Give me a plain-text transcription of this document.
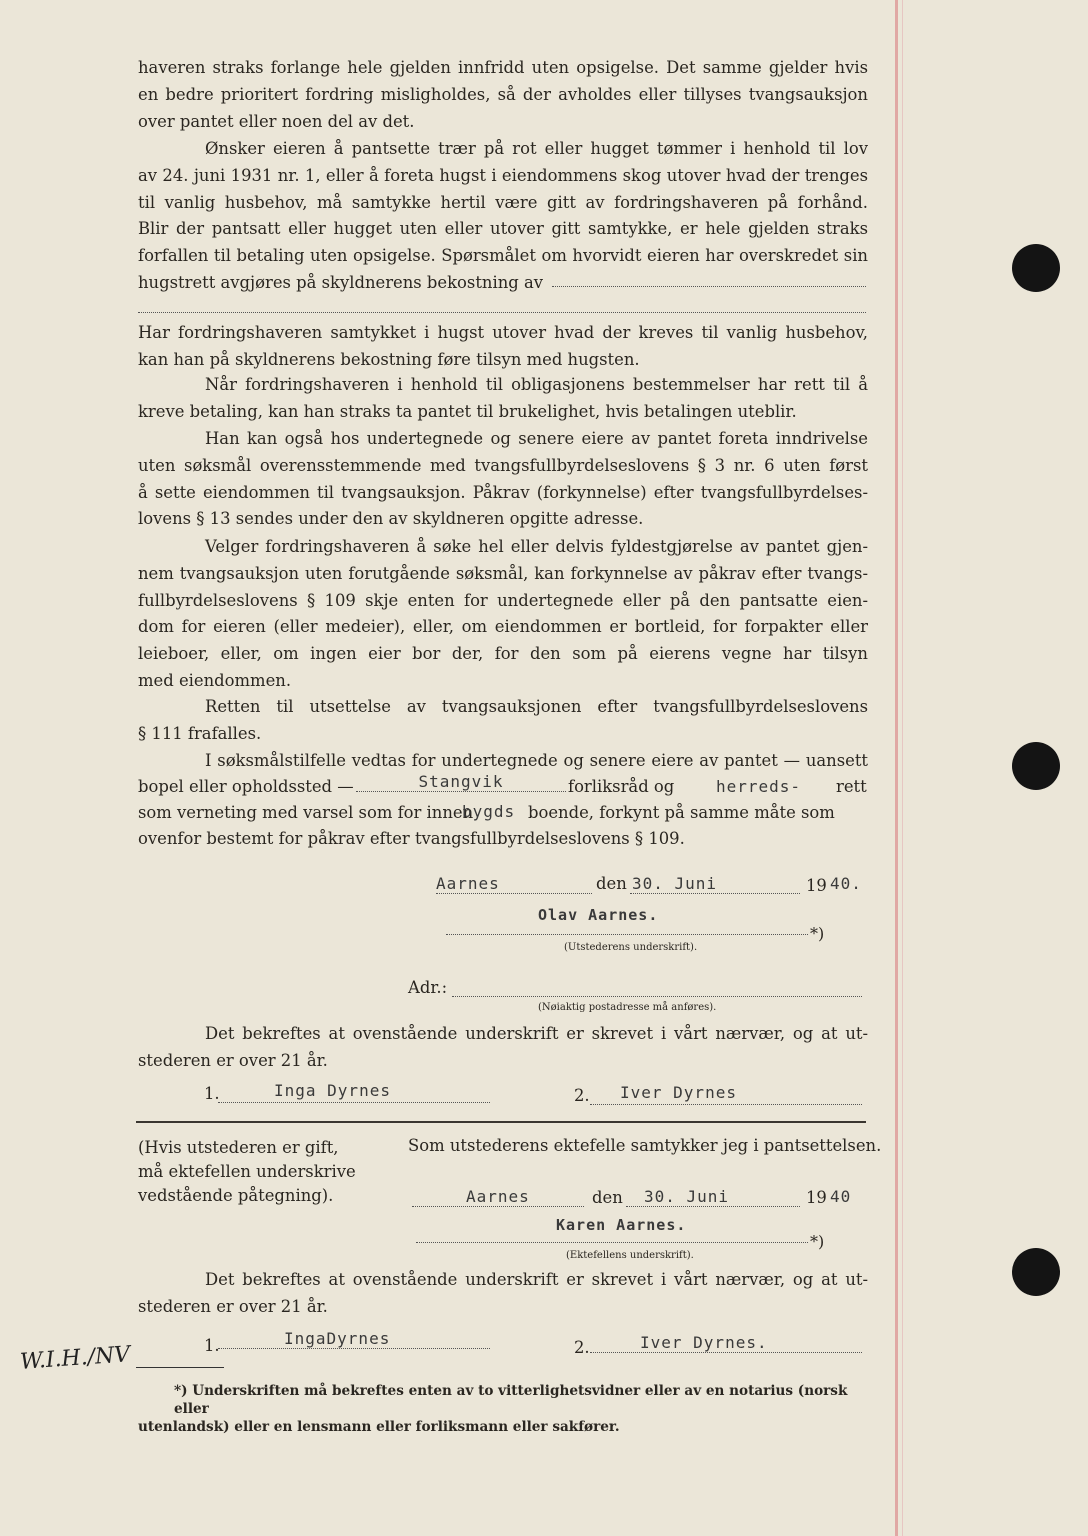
haveren straks forlange hele gjelden innfridd uten opsigelse. Det samme gjelder hvis
en bedre prioritert fordring misligholdes, så der avholdes eller tillyses tvangsauksjon
over pantet eller noen del av det.
Ønsker eieren å pantsette trær på rot eller hugget tømmer i henhold til lov
av 24. juni 1931 nr. 1, eller å foreta hugst i eiendommens skog utover hvad der trenges
til vanlig husbehov, må samtykke hertil være gitt av fordringshaveren på forhånd.
Blir der pantsatt eller hugget uten eller utover gitt samtykke, er hele gjelden straks
forfallen til betaling uten opsigelse. Spørsmålet om hvorvidt eieren har overskredet sin
hugstrett avgjøres på skyldnerens bekostning av
Har fordringshaveren samtykket i hugst utover hvad der kreves til vanlig husbehov,
kan han på skyldnerens bekostning føre tilsyn med hugsten.
Når fordringshaveren i henhold til obligasjonens bestemmelser har rett til å
kreve betaling, kan han straks ta pantet til brukelighet, hvis betalingen uteblir.
Han kan også hos undertegnede og senere eiere av pantet foreta inndrivelse
uten søksmål overensstemmende med tvangsfullbyrdelseslovens § 3 nr. 6 uten først
å sette eiendommen til tvangsauksjon. Påkrav (forkynnelse) efter tvangsfullbyrdelses-
lovens § 13 sendes under den av skyldneren opgitte adresse.
Velger fordringshaveren å søke hel eller delvis fyldestgjørelse av pantet gjen-
nem tvangsauksjon uten forutgående søksmål, kan forkynnelse av påkrav efter tvangs-
fullbyrdelseslovens § 109 skje enten for undertegnede eller på den pantsatte eien-
dom for eieren (eller medeier), eller, om eiendommen er bortleid, for forpakter eller
leieboer, eller, om ingen eier bor der, for den som på eierens vegne har tilsyn
med eiendommen.
Retten til utsettelse av tvangsauksjonen efter tvangsfullbyrdelseslovens
§ 111 frafalles.
I søksmålstilfelle vedtas for undertegnede og senere eiere av pantet — uansett
bopel eller opholdssted —	Stangvik	forliksråd og	herreds- rett
som verneting med varsel som for innen
bygds boende, forkynt på samme måte som
ovenfor bestemt for påkrav efter tvangsfullbyrdelseslovens § 109.
Aarnes	den 30. Juni	19 40.
Olav Aarnes.
*)
(Utstederens underskrift).
Adr.:
(Nøiaktig postadresse må anføres).
Det bekreftes at ovenstående underskrift er skrevet i vårt nærvær, og at ut-
stederen er over 21 år.
1.	Inga Dyrnes	2. Iver Dyrnes
(Hvis utstederen er gift,
må ektefellen underskrive
vedstående påtegning).
Som utstederens ektefelle samtykker jeg i pantsettelsen.
Aarnes	den 30. Juni	19 40
Karen Aarnes.
*)
(Ektefellens underskrift).
Det bekreftes at ovenstående underskrift er skrevet i vårt nærvær, og at ut-
stederen er over 21 år.
1.	IngaDyrnes	2.	Iver Dyrnes.
W.I.H./NV
*) Underskriften må bekreftes enten av to vitterlighetsvidner eller av en notarius (norsk eller
utenlandsk) eller en lensmann eller forliksmann eller sakfører.
